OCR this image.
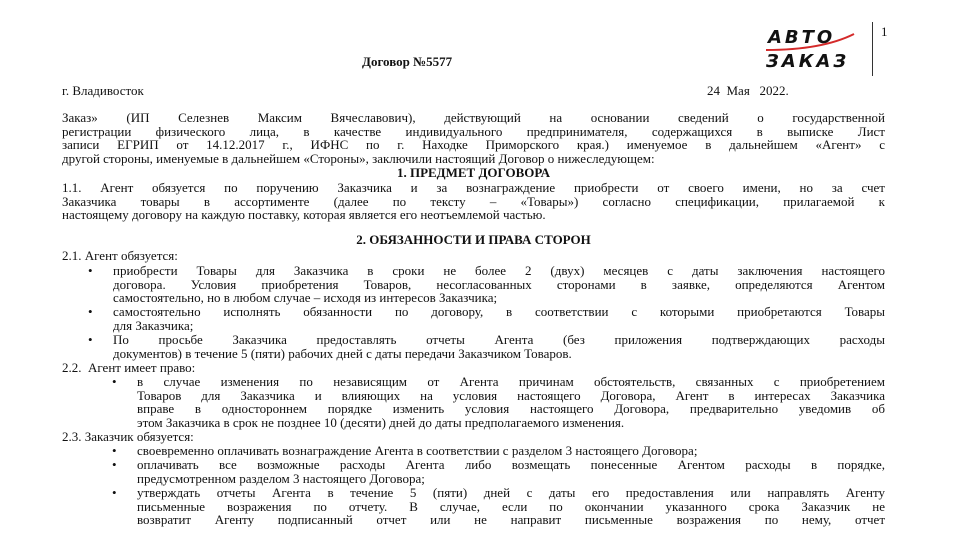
Договор №5577
г. Владивосток	24  Мая   2022.
АВТО
ЗАКАЗ
1
Заказ» (ИП Селезнев Максим Вячеславович), действующий на основании сведений о государственной
регистрации физического лица, в качестве индивидуального предпринимателя, содержащихся в выписке Лист
записи ЕГРИП от 14.12.2017 г., ИФНС по г. Находке Приморского края.) именуемое в дальнейшем «Агент» с
другой стороны, именуемые в дальнейшем «Стороны», заключили настоящий Договор о нижеследующем:
1. ПРЕДМЕТ ДОГОВОРА
1.1. Агент обязуется по поручению Заказчика и за вознаграждение приобрести от своего имени, но за счет
Заказчика товары в ассортименте (далее по тексту – «Товары») согласно спецификации, прилагаемой к
настоящему договору на каждую поставку, которая является его неотъемлемой частью.
2. ОБЯЗАННОСТИ И ПРАВА СТОРОН
2.1. Агент обязуется:
• приобрести Товары для Заказчика в сроки не более 2 (двух) месяцев с даты заключения настоящего
договора. Условия приобретения Товаров, несогласованных сторонами в заявке, определяются Агентом
самостоятельно, но в любом случае – исходя из интересов Заказчика;
• самостоятельно исполнять обязанности по договору, в соответствии с которыми приобретаются Товары
для Заказчика;
• По просьбе Заказчика предоставлять отчеты Агента (без приложения подтверждающих расходы
документов) в течение 5 (пяти) рабочих дней с даты передачи Заказчиком Товаров.
2.2.  Агент имеет право:
• в случае изменения по независящим от Агента причинам обстоятельств, связанных с приобретением
Товаров для Заказчика и влияющих на условия настоящего Договора, Агент в интересах Заказчика
вправе в одностороннем порядке изменить условия настоящего Договора, предварительно уведомив об
этом Заказчика в срок не позднее 10 (десяти) дней до даты предполагаемого изменения.
2.3. Заказчик обязуется:
• своевременно оплачивать вознаграждение Агента в соответствии с разделом 3 настоящего Договора;
• оплачивать все возможные расходы Агента либо возмещать понесенные Агентом расходы в порядке,
предусмотренном разделом 3 настоящего Договора;
• утверждать отчеты Агента в течение 5 (пяти) дней с даты его предоставления или направлять Агенту
письменные возражения по отчету. В случае, если по окончании указанного срока Заказчик не
возвратит Агенту подписанный отчет или не направит письменные возражения по нему, отчет
